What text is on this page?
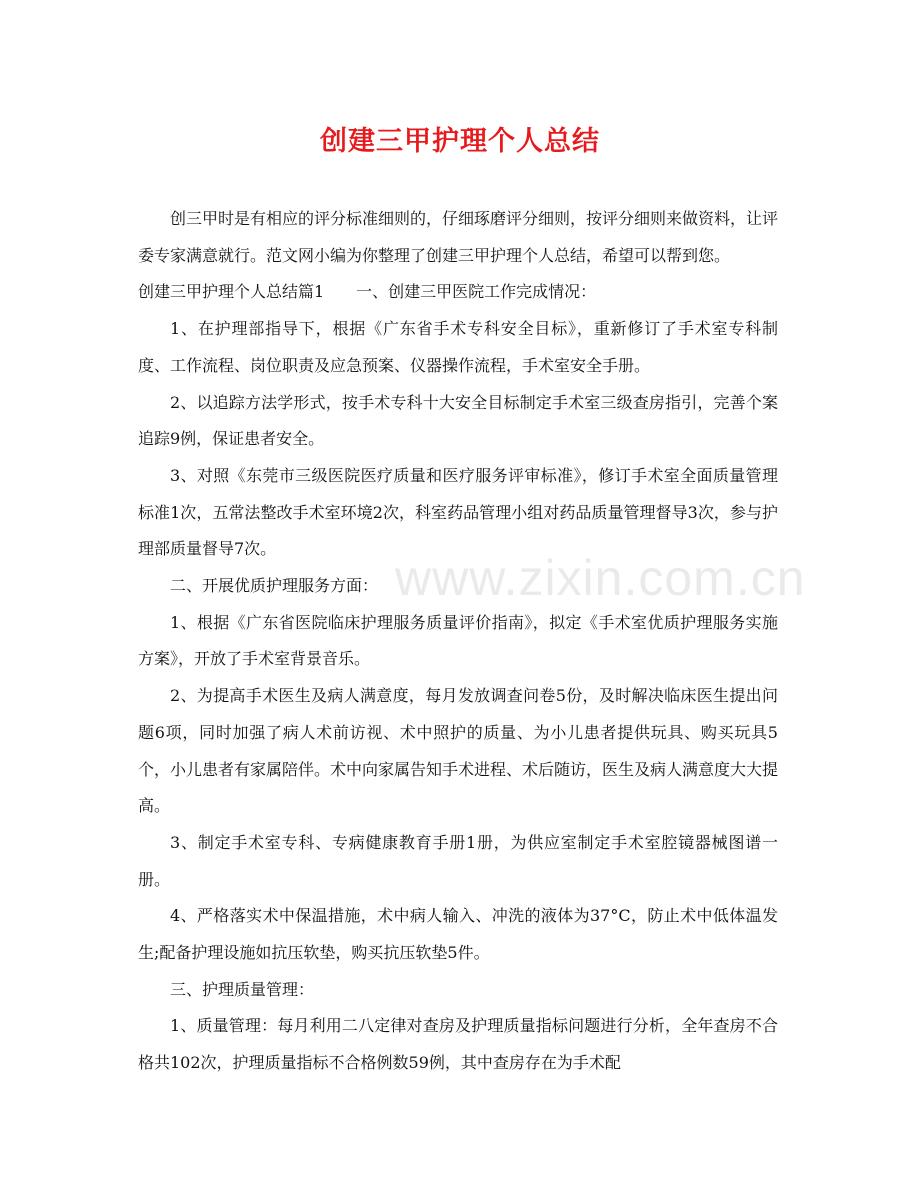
www.zixin.com.cn
创建三甲护理个人总结

创三甲时是有相应的评分标准细则的，仔细琢磨评分细则，按评分细则来做资料，让评委专家满意就行。范文网小编为你整理了创建三甲护理个人总结，希望可以帮到您。

创建三甲护理个人总结篇1　　一、创建三甲医院工作完成情况：

1、在护理部指导下，根据《广东省手术专科安全目标》，重新修订了手术室专科制度、工作流程、岗位职责及应急预案、仪器操作流程，手术室安全手册。

2、以追踪方法学形式，按手术专科十大安全目标制定手术室三级查房指引，完善个案追踪9例，保证患者安全。

3、对照《东莞市三级医院医疗质量和医疗服务评审标准》，修订手术室全面质量管理标准1次，五常法整改手术室环境2次，科室药品管理小组对药品质量管理督导3次，参与护理部质量督导7次。

二、开展优质护理服务方面：

1、根据《广东省医院临床护理服务质量评价指南》，拟定《手术室优质护理服务实施方案》，开放了手术室背景音乐。

2、为提高手术医生及病人满意度，每月发放调查问卷5份，及时解决临床医生提出问题6项，同时加强了病人术前访视、术中照护的质量、为小儿患者提供玩具、购买玩具5个，小儿患者有家属陪伴。术中向家属告知手术进程、术后随访，医生及病人满意度大大提高。

3、制定手术室专科、专病健康教育手册1册，为供应室制定手术室腔镜器械图谱一册。

4、严格落实术中保温措施，术中病人输入、冲洗的液体为37°C，防止术中低体温发生;配备护理设施如抗压软垫，购买抗压软垫5件。

三、护理质量管理：

1、质量管理：每月利用二八定律对查房及护理质量指标问题进行分析，全年查房不合格共102次，护理质量指标不合格例数59例，其中查房存在为手术配
